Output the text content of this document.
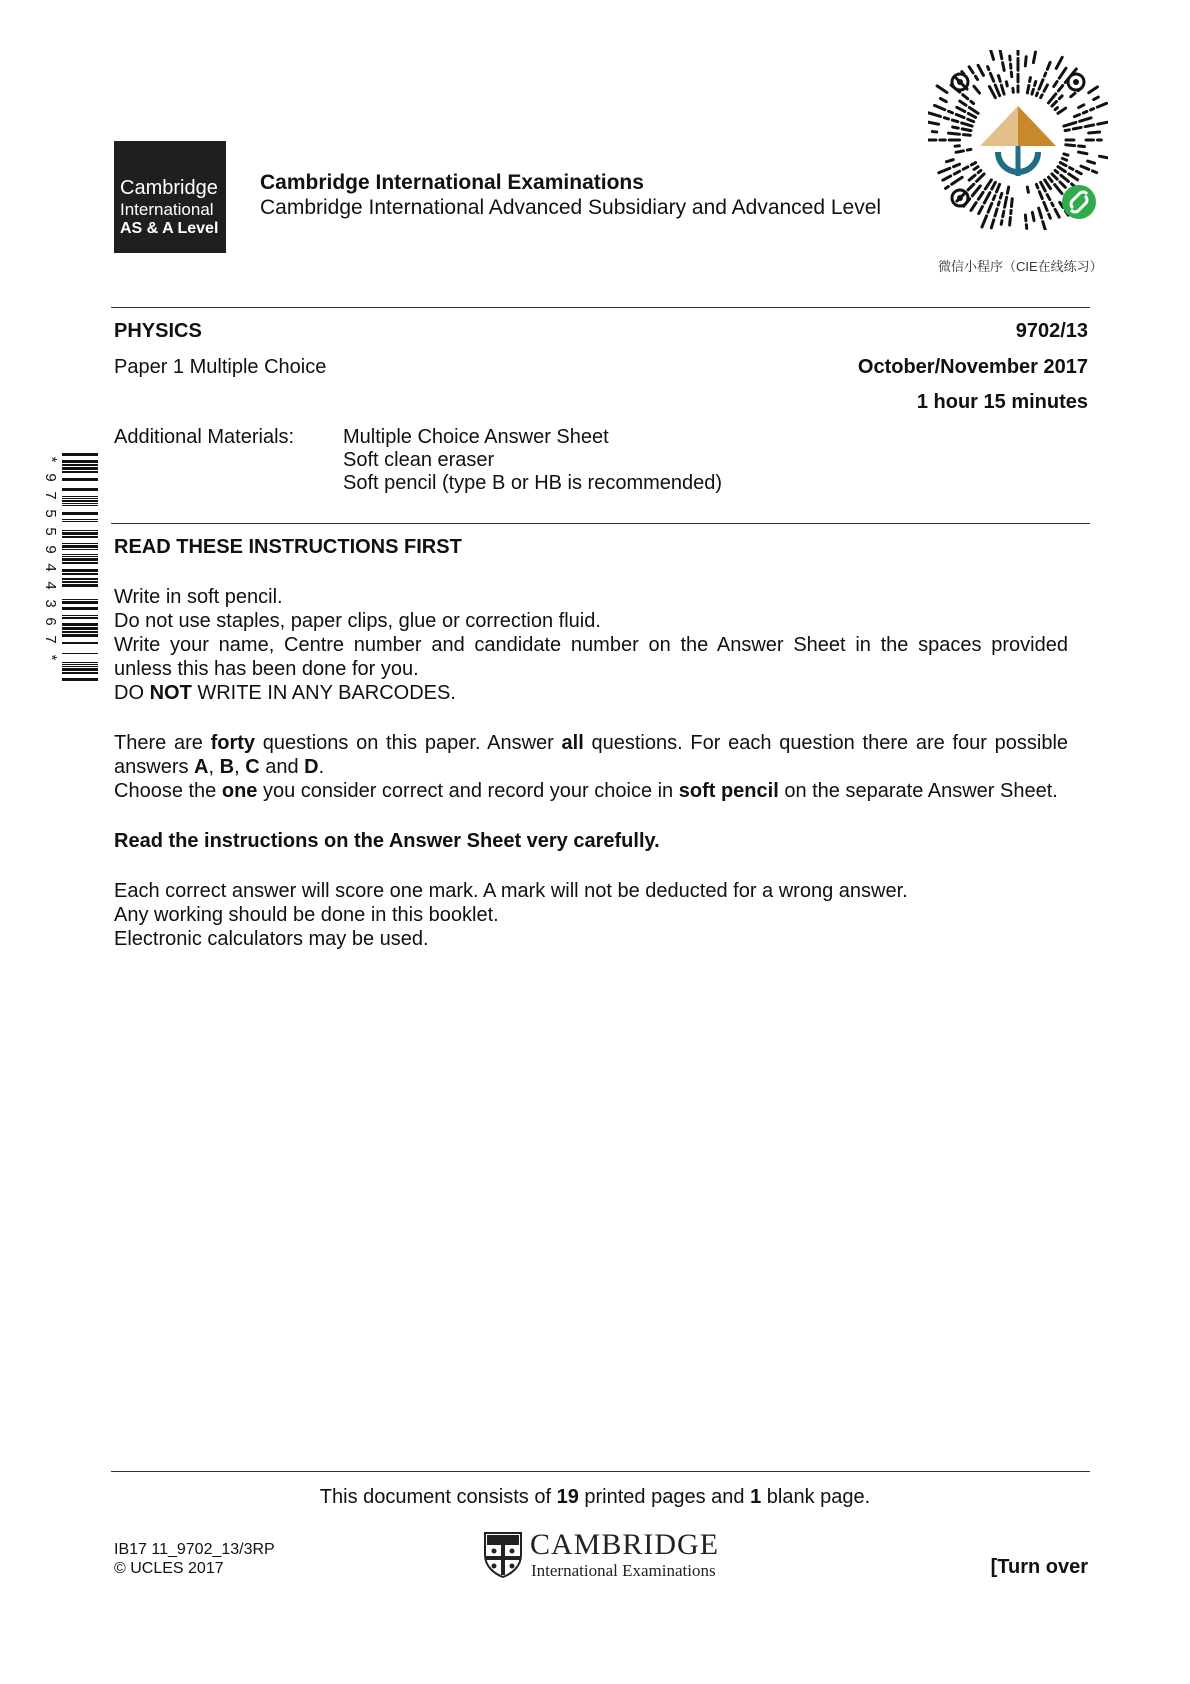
Cambridge
International
AS & A Level
Cambridge International Examinations
Cambridge International Advanced Subsidiary and Advanced Level
微信小程序（CIE在线练习）
PHYSICS	9702/13
Paper 1 Multiple Choice	October/November 2017
1 hour 15 minutes
Additional Materials: Multiple Choice Answer Sheet
Soft clean eraser
Soft pencil (type B or HB is recommended)
* 9 7 5 5 9 4 4 3 6 7 *	READ THESE INSTRUCTIONS FIRST

Write in soft pencil.

Do not use staples, paper clips, glue or correction fluid.

Write your name, Centre number and candidate number on the Answer Sheet in the spaces provided unless this has been done for you.

DO NOT WRITE IN ANY BARCODES.

There are forty questions on this paper. Answer all questions. For each question there are four possible answers A, B, C and D.

Choose the one you consider correct and record your choice in soft pencil on the separate Answer Sheet.

Read the instructions on the Answer Sheet very carefully.

Each correct answer will score one mark. A mark will not be deducted for a wrong answer.

Any working should be done in this booklet.

Electronic calculators may be used.

This document consists of 19 printed pages and 1 blank page.
IB17 11_9702_13/3RP
© UCLES 2017
CAMBRIDGE
International Examinations	[Turn over
